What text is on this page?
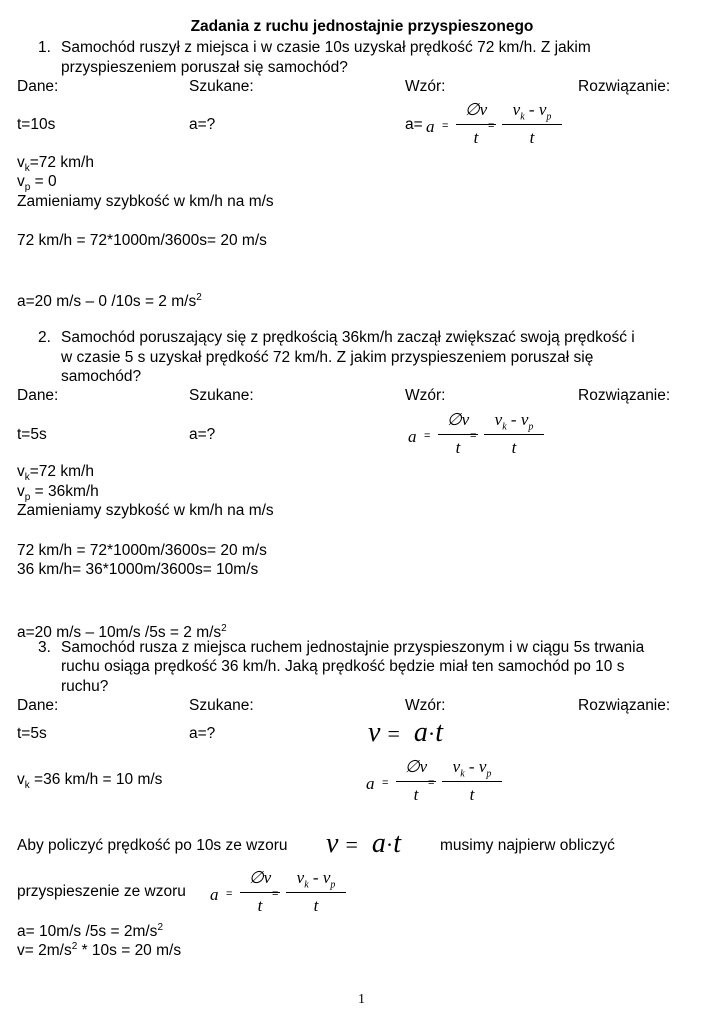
Zadania z ruchu jednostajnie przyspieszonego
1. Samochód ruszył z miejsca i w czasie 10s uzyskał prędkość 72 km/h. Z jakim
przyspieszeniem poruszał się samochód?
Dane:	Szukane:	Wzór:	Rozwiązanie:
t=10s	a=?	a= a =
∅v
t
=
$v_k - v_p$
t
$v_k=72$ km/h
$v_p = 0$
Zamieniamy szybkość w km/h na m/s
72 km/h = 72*1000m/3600s= 20 m/s
a=20 m/s – 0 /10s = 2 $m/s^2$
2. Samochód poruszający się z prędkością 36km/h zaczął zwiększać swoją prędkość i
w czasie 5 s uzyskał prędkość 72 km/h. Z jakim przyspieszeniem poruszał się
samochód?
Dane:	Szukane:	Wzór:	Rozwiązanie:
t=5s	a=?	a =
∅v
t
=
$v_k - v_p$
t
$v_k=72$ km/h
$v_p = 36km/h$
Zamieniamy szybkość w km/h na m/s
72 km/h = 72*1000m/3600s= 20 m/s
36 km/h= 36*1000m/3600s= 10m/s
a=20 m/s – 10m/s /5s = 2 $m/s^2$
3. Samochód rusza z miejsca ruchem jednostajnie przyspieszonym i w ciągu 5s trwania
ruchu osiąga prędkość 36 km/h. Jaką prędkość będzie miał ten samochód po 10 s
ruchu?
Dane:	Szukane:	Wzór:	Rozwiązanie:
t=5s	a=?	v = a·t
$v_k =36$ km/h = 10 m/s	a =
∅v
t
=
$v_k - v_p$
t
Aby policzyć prędkość po 10s ze wzoru v = a·t	musimy najpierw obliczyć
przyspieszenie ze wzoru a =
∅v
t
=
$v_k - v_p$
t
a= 10m/s $/5s = 2m/s^2$
$v= 2m/s^2 * 10s = 20$ m/s
1
